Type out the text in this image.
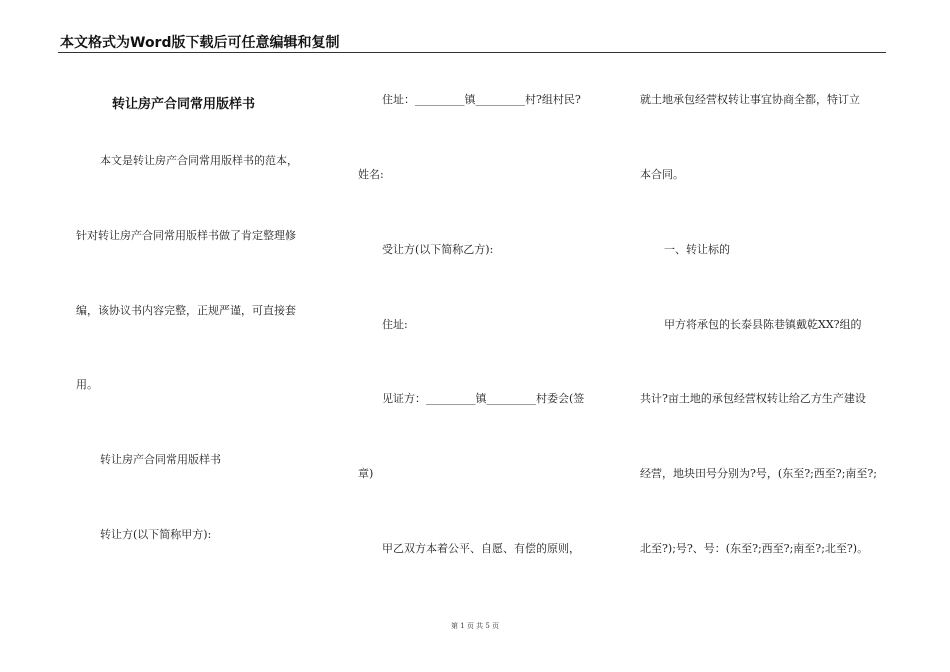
本文格式为Word版下载后可任意编辑和复制
转让房产合同常用版样书
本文是转让房产合同常用版样书的范本，
针对转让房产合同常用版样书做了肯定整理修
编，该协议书内容完整，正规严谨，可直接套
用。
转让房产合同常用版样书
转让方(以下简称甲方):
住址：_________镇_________村?组村民?
姓名:
受让方(以下简称乙方):
住址:
见证方：_________镇_________村委会(签
章)
甲乙双方本着公平、自愿、有偿的原则，
就土地承包经营权转让事宜协商全都，特订立
本合同。
一、转让标的
甲方将承包的长泰县陈巷镇戴乾XX?组的
共计?亩土地的承包经营权转让给乙方生产建设
经营，地块田号分别为?号，(东至?;西至?;南至?;
北至?);号?、号：(东至?;西至?;南至?;北至?)。
第 1 页 共 5 页
